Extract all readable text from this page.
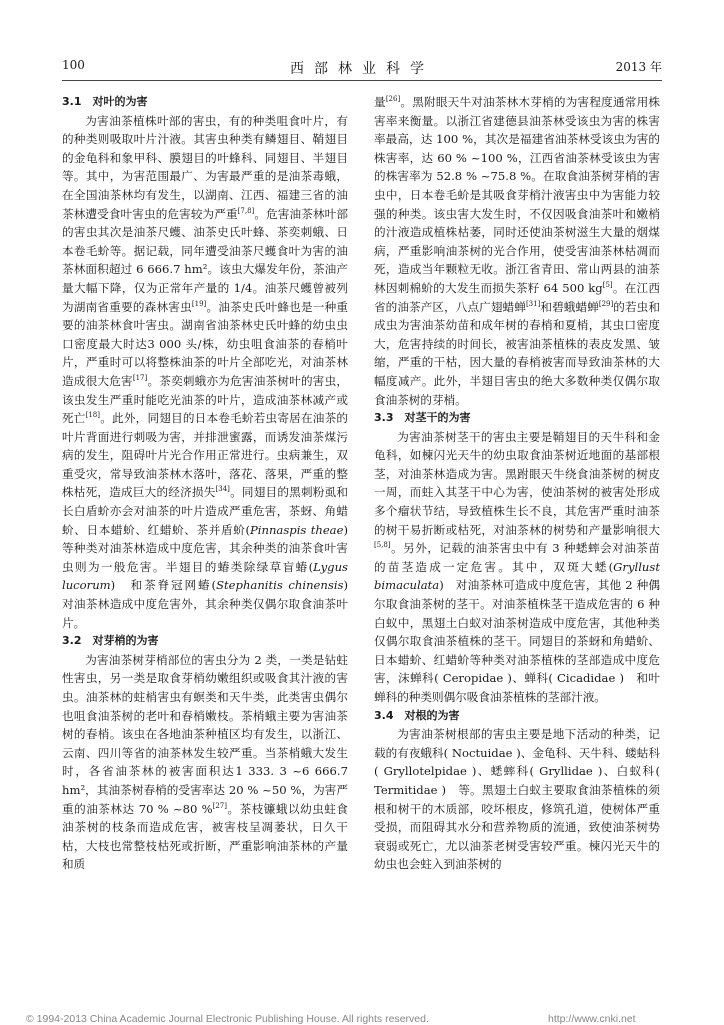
100	西部林业科学	2013 年

3.1　对叶的为害

为害油茶植株叶部的害虫，有的种类咀食叶片，有的种类则吸取叶片汁液。其害虫种类有鳞翅目、鞘翅目的金龟科和象甲科、膜翅目的叶蜂科、同翅目、半翅目等。其中，为害范围最广、为害最严重的是油茶毒蛾，在全国油茶林均有发生，以湖南、江西、福建三省的油茶林遭受食叶害虫的危害较为严重[7,8]。危害油茶林叶部的害虫其次是油茶尺蠖、油茶史氏叶蜂、茶奕刺蛾、日本卷毛蚧等。据记载，同年遭受油茶尺蠖食叶为害的油茶林面积超过 6 666.7 hm²。该虫大爆发年份，茶油产量大幅下降，仅为正常年产量的 1/4。油茶尺蠖曾被列为湖南省重要的森林害虫[19]。油茶史氏叶蜂也是一种重要的油茶林食叶害虫。湖南省油茶林史氏叶蜂的幼虫虫口密度最大时达3 000 头/株，幼虫咀食油茶的春梢叶片，严重时可以将整株油茶的叶片全部吃光，对油茶林造成很大危害[17]。茶奕刺蛾亦为危害油茶树叶的害虫，该虫发生严重时能吃光油茶的叶片，造成油茶林减产或死亡[18]。此外，同翅目的日本卷毛蚧若虫寄居在油茶的叶片背面进行刺吸为害，并排泄蜜露，而诱发油茶煤污病的发生，阻碍叶片光合作用正常进行。虫病兼生，双重受灾，常导致油茶林木落叶，落花、落果，严重的整株枯死，造成巨大的经济损失[34]。同翅目的黑刺粉虱和长白盾蚧亦会对油茶的叶片造成严重危害，茶蚜、角蜡蚧、日本蜡蚧、红蜡蚧、茶并盾蚧(Pinnaspis theae)　等种类对油茶林造成中度危害，其余种类的油茶食叶害虫则为一般危害。半翅目的蝽类除绿草盲蝽(Lygus lucorum)　和茶脊冠网蝽(Stephanitis chinensis)　对油茶林造成中度危害外，其余种类仅偶尔取食油茶叶片。

3.2　对芽梢的为害

为害油茶树芽梢部位的害虫分为 2 类，一类是钻蛀性害虫，另一类是取食芽梢幼嫩组织或吸食其汁液的害虫。油茶林的蛀梢害虫有螟类和天牛类，此类害虫偶尔也咀食油茶树的老叶和春梢嫩枝。茶梢蛾主要为害油茶树的春梢。该虫在各地油茶种植区均有发生，以浙江、云南、四川等省的油茶林发生较严重。当茶梢蛾大发生时，各省油茶林的被害面积达1 333. 3 ~6 666.7 hm²，其油茶树春梢的受害率达 20 % ~50 %，为害严重的油茶林达 70 % ~80 %[27]。茶枝镰蛾以幼虫蛀食油茶树的枝条而造成危害，被害枝呈凋萎状，日久干枯，大枝也常整枝枯死或折断，严重影响油茶林的产量和质

量[26]。黑附眼天牛对油茶林木芽梢的为害程度通常用株害率来衡量。以浙江省建德县油茶林受该虫为害的株害率最高，达 100 %，其次是福建省油茶林受该虫为害的株害率，达 60 % ~100 %，江西省油茶林受该虫为害的株害率为 52.8 % ~75.8 %。在取食油茶树芽梢的害虫中，日本卷毛蚧是其吸食芽梢汁液害虫中为害能力较强的种类。该虫害大发生时，不仅因吸食油茶叶和嫩梢的汁液造成植株枯萎，同时还使油茶树滋生大量的烟煤病，严重影响油茶树的光合作用，使受害油茶林枯凋而死，造成当年颗粒无收。浙江省青田、常山两县的油茶林因刺棉蚧的大发生而损失茶籽 64 500 kg[5]。在江西省的油茶产区，八点广翅蜡蝉[31]和碧蛾蜡蝉[29]的若虫和成虫为害油茶幼苗和成年树的春梢和夏梢，其虫口密度大，危害持续的时间长，被害油茶植株的表皮发黑、皱缩，严重的干枯，因大量的春梢被害而导致油茶林的大幅度减产。此外，半翅目害虫的绝大多数种类仅偶尔取食油茶树的芽梢。

3.3　对茎干的为害

为害油茶树茎干的害虫主要是鞘翅目的天牛科和金龟科，如楝闪光天牛的幼虫取食油茶树近地面的基部根茎，对油茶林造成为害。黑跗眼天牛绕食油茶树的树皮一周，而蛀入其茎干中心为害，使油茶树的被害处形成多个瘤状节结，导致植株生长不良，其危害严重时油茶的树干易折断或枯死，对油茶林的树势和产量影响很大[5,8]。另外，记载的油茶害虫中有 3 种蟋蟀会对油茶苗的苗茎造成一定危害。其中，双斑大蟋(Gryllust bimaculata)　对油茶林可造成中度危害，其他 2 种偶尔取食油茶树的茎干。对油茶植株茎干造成危害的 6 种白蚁中，黑翅土白蚁对油茶树造成中度危害，其他种类仅偶尔取食油茶植株的茎干。同翅目的茶蚜和角蜡蚧、日本蜡蚧、红蜡蚧等种类对油茶植株的茎部造成中度危害，沫蝉科( Ceropidae )、蝉科( Cicadidae )　和叶蝉科的种类则偶尔吸食油茶植株的茎部汁液。

3.4　对根的为害

为害油茶树根部的害虫主要是地下活动的种类，记载的有夜蛾科( Noctuidae )、金龟科、天牛科、蝼蛄科( Gryllotelpidae )、蟋蟀科( Gryllidae )、白蚁科( Termitidae )　等。黑翅土白蚁主要取食油茶植株的须根和树干的木质部，咬坏根皮，修筑孔道，使树体严重受损，而阻碍其水分和营养物质的流通，致使油茶树势衰弱或死亡，尤以油茶老树受害较严重。楝闪光天牛的幼虫也会蛀入到油茶树的

© 1994-2013 China Academic Journal Electronic Publishing House. All rights reserved.	http://www.cnki.net
